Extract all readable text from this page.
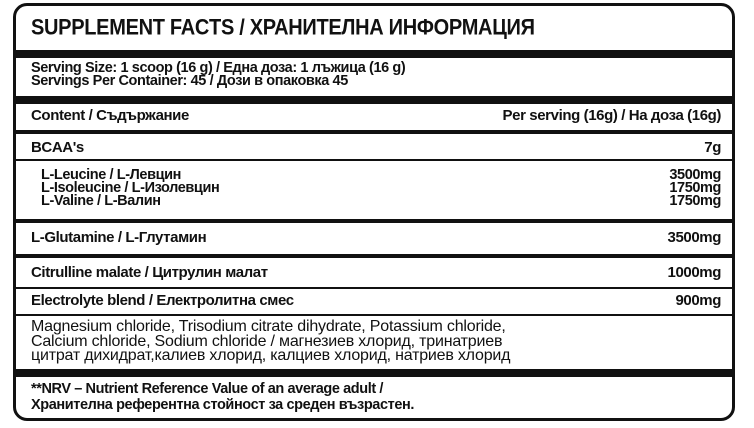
SUPPLEMENT FACTS / ХРАНИТЕЛНА ИНФОРМАЦИЯ
Serving Size: 1 scoop (16 g) / Една доза: 1 лъжица (16 g)
Servings Per Container: 45 / Дози в опаковка 45
Content / Съдържание	Per serving (16g) / На доза (16g)
BCAA's	7g
L-Leucine / L-Левцин	3500mg
L-Isoleucine / L-Изолевцин	1750mg
L-Valine / L-Валин	1750mg
L-Glutamine / L-Глутамин	3500mg
Citrulline malate / Цитрулин малат	1000mg
Electrolyte blend / Електролитна смес	900mg
Magnesium chloride, Trisodium citrate dihydrate, Potassium chloride,
Calcium chloride, Sodium chloride / магнезиев хлорид, тринатриев
цитрат дихидрат,калиев хлорид, калциев хлорид, натриев хлорид
**NRV – Nutrient Reference Value of an average adult /
Хранителна референтна стойност за среден възрастен.
